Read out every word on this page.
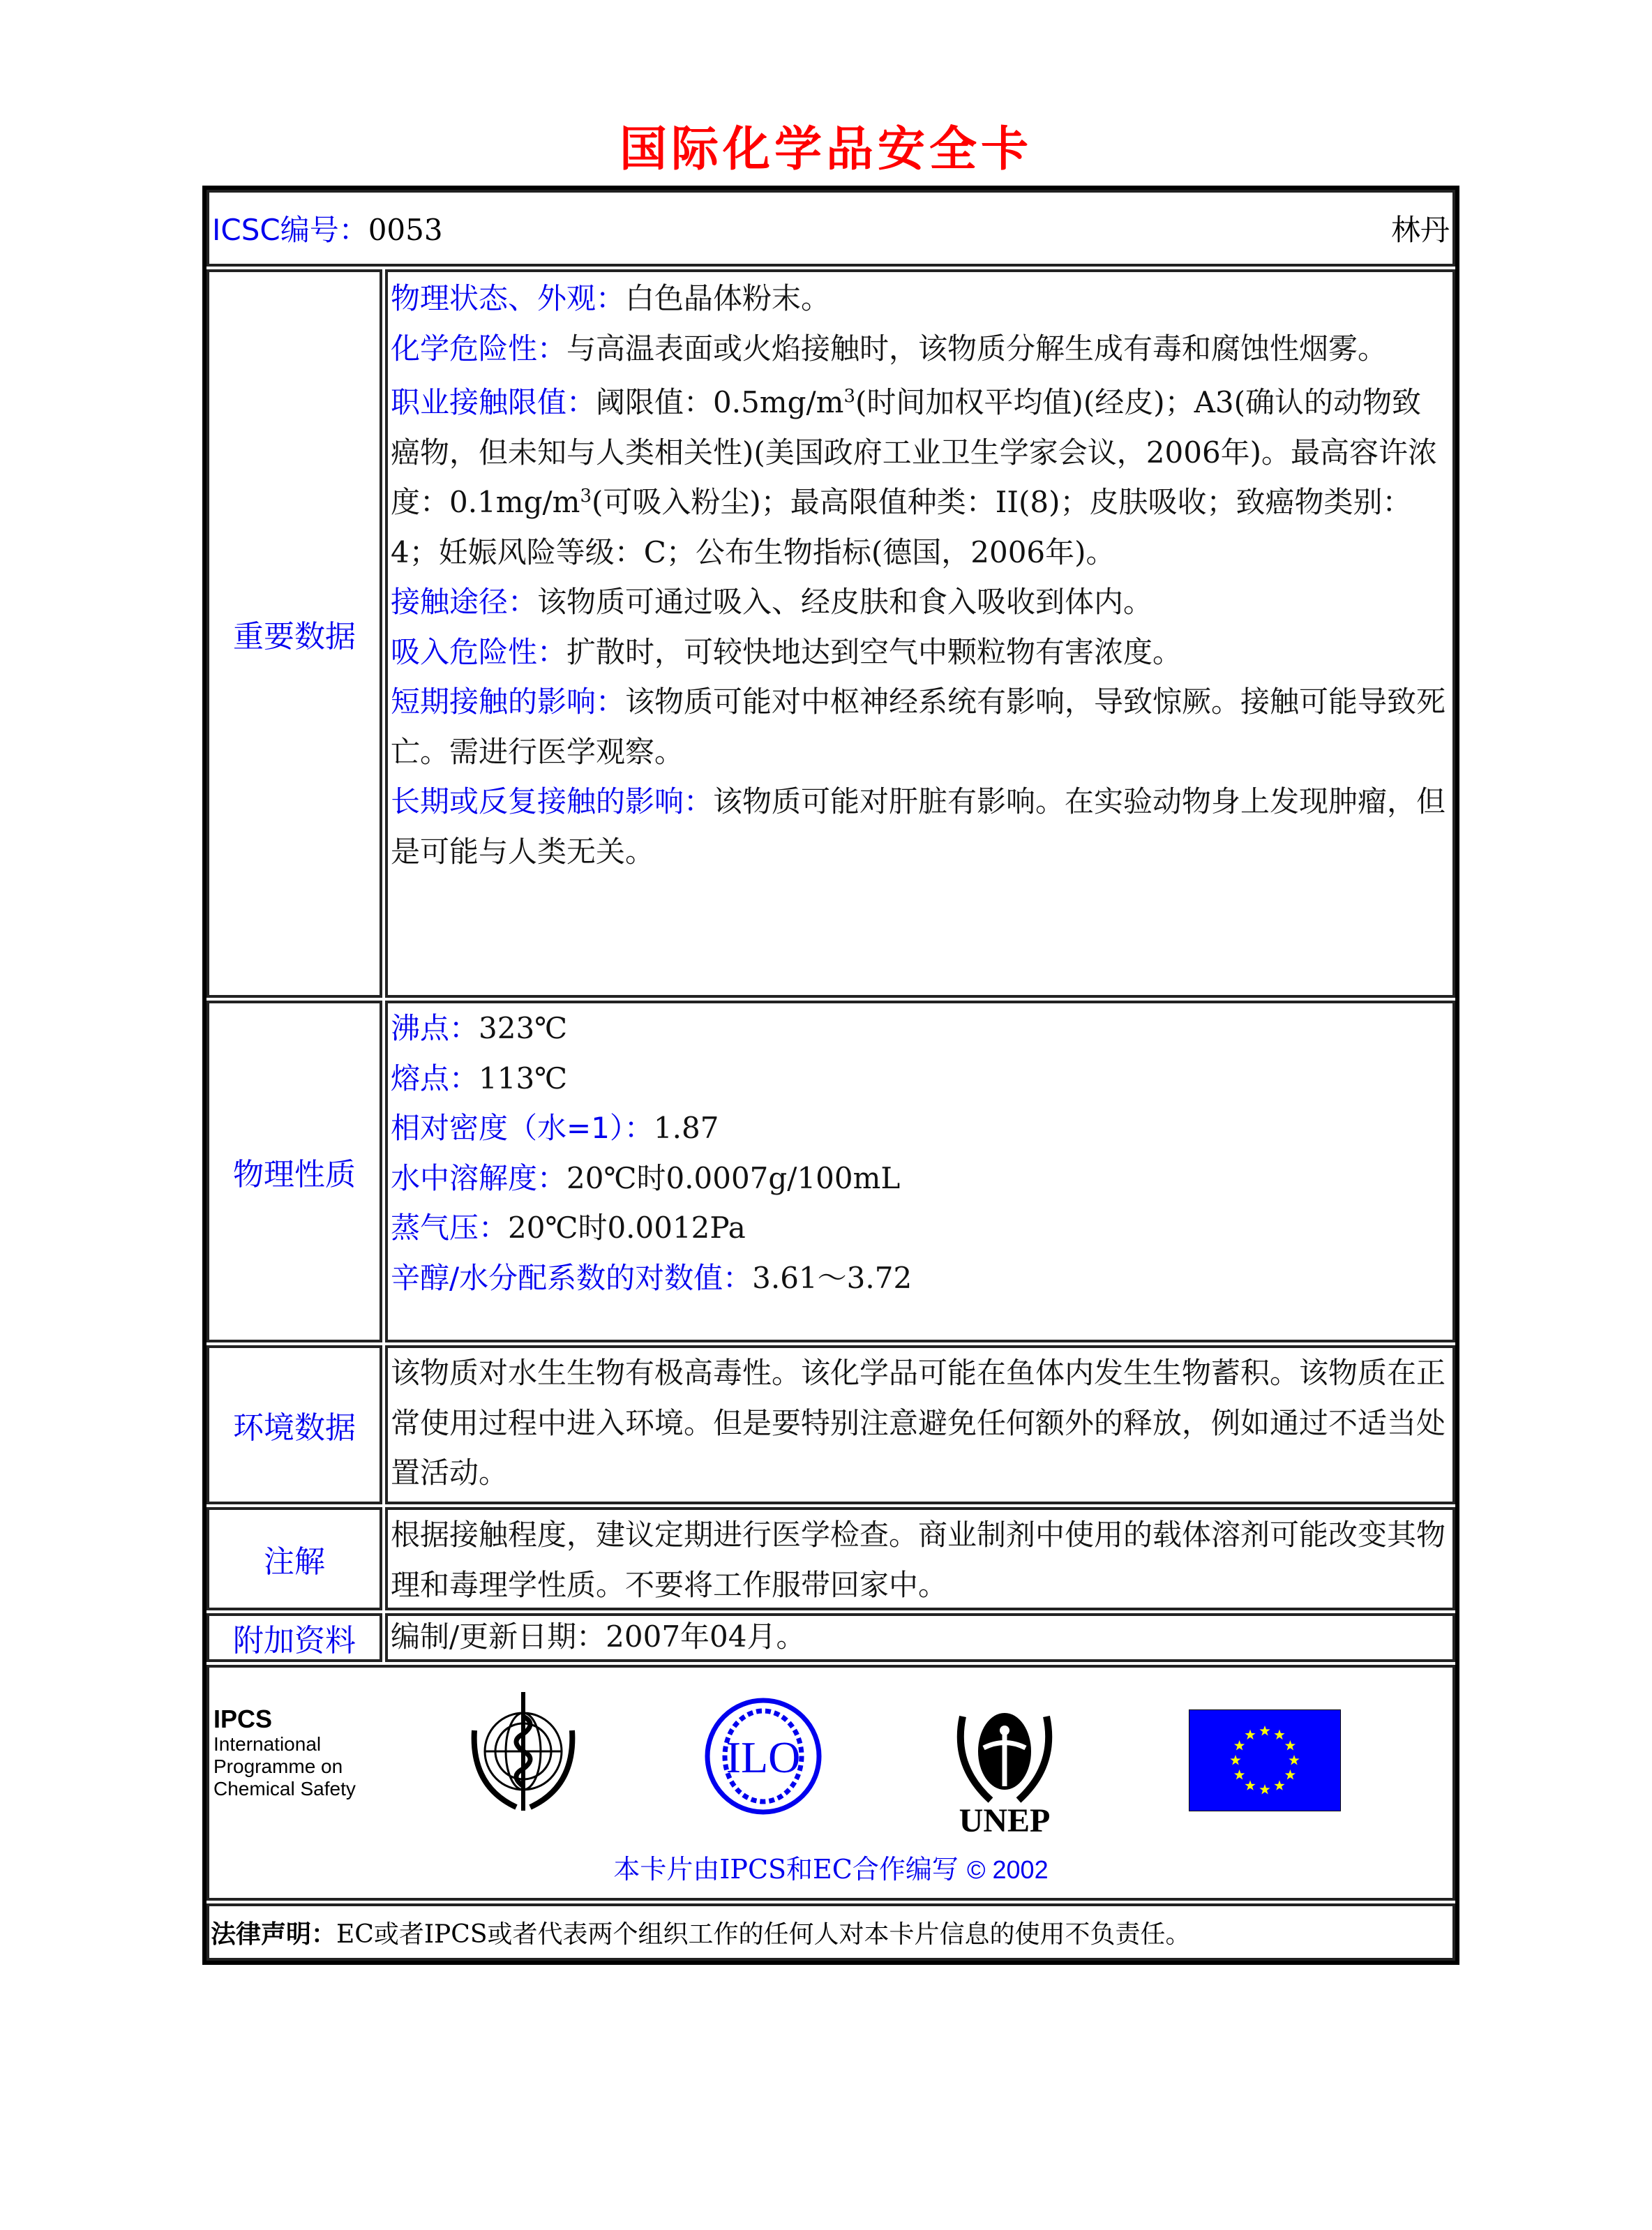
国际化学品安全卡
ICSC编号：0053	林丹
重要数据

物理状态、外观：白色晶体粉末。

化学危险性：与高温表面或火焰接触时，该物质分解生成有毒和腐蚀性烟雾。

职业接触限值：阈限值：$0.5mg/m^3$(时间加权平均值)(经皮)；A3(确认的动物致癌物，但未知与人类相关性)(美国政府工业卫生学家会议，2006年)。最高容许浓度：$0.1mg/m^3$(可吸入粉尘)；最高限值种类：II(8)；皮肤吸收；致癌物类别：4；妊娠风险等级：C；公布生物指标(德国，2006年)。

接触途径：该物质可通过吸入、经皮肤和食入吸收到体内。

吸入危险性：扩散时，可较快地达到空气中颗粒物有害浓度。

短期接触的影响：该物质可能对中枢神经系统有影响，导致惊厥。接触可能导致死亡。需进行医学观察。

长期或反复接触的影响：该物质可能对肝脏有影响。在实验动物身上发现肿瘤，但是可能与人类无关。

物理性质

沸点：323℃

熔点：113℃

相对密度（水=1）：1.87

水中溶解度：20℃时0.0007g/100mL

蒸气压：20℃时0.0012Pa

辛醇/水分配系数的对数值：3.61～3.72

环境数据
该物质对水生生物有极高毒性。该化学品可能在鱼体内发生生物蓄积。该物质在正常使用过程中进入环境。但是要特别注意避免任何额外的释放，例如通过不适当处置活动。
注解
根据接触程度，建议定期进行医学检查。商业制剂中使用的载体溶剂可能改变其物理和毒理学性质。不要将工作服带回家中。
附加资料	编制/更新日期：2007年04月。
IPCS
International
Programme on
Chemical Safety
ILO
UNEP
本卡片由IPCS和EC合作编写 © 2002
法律声明： EC或者IPCS或者代表两个组织工作的任何人对本卡片信息的使用不负责任。
